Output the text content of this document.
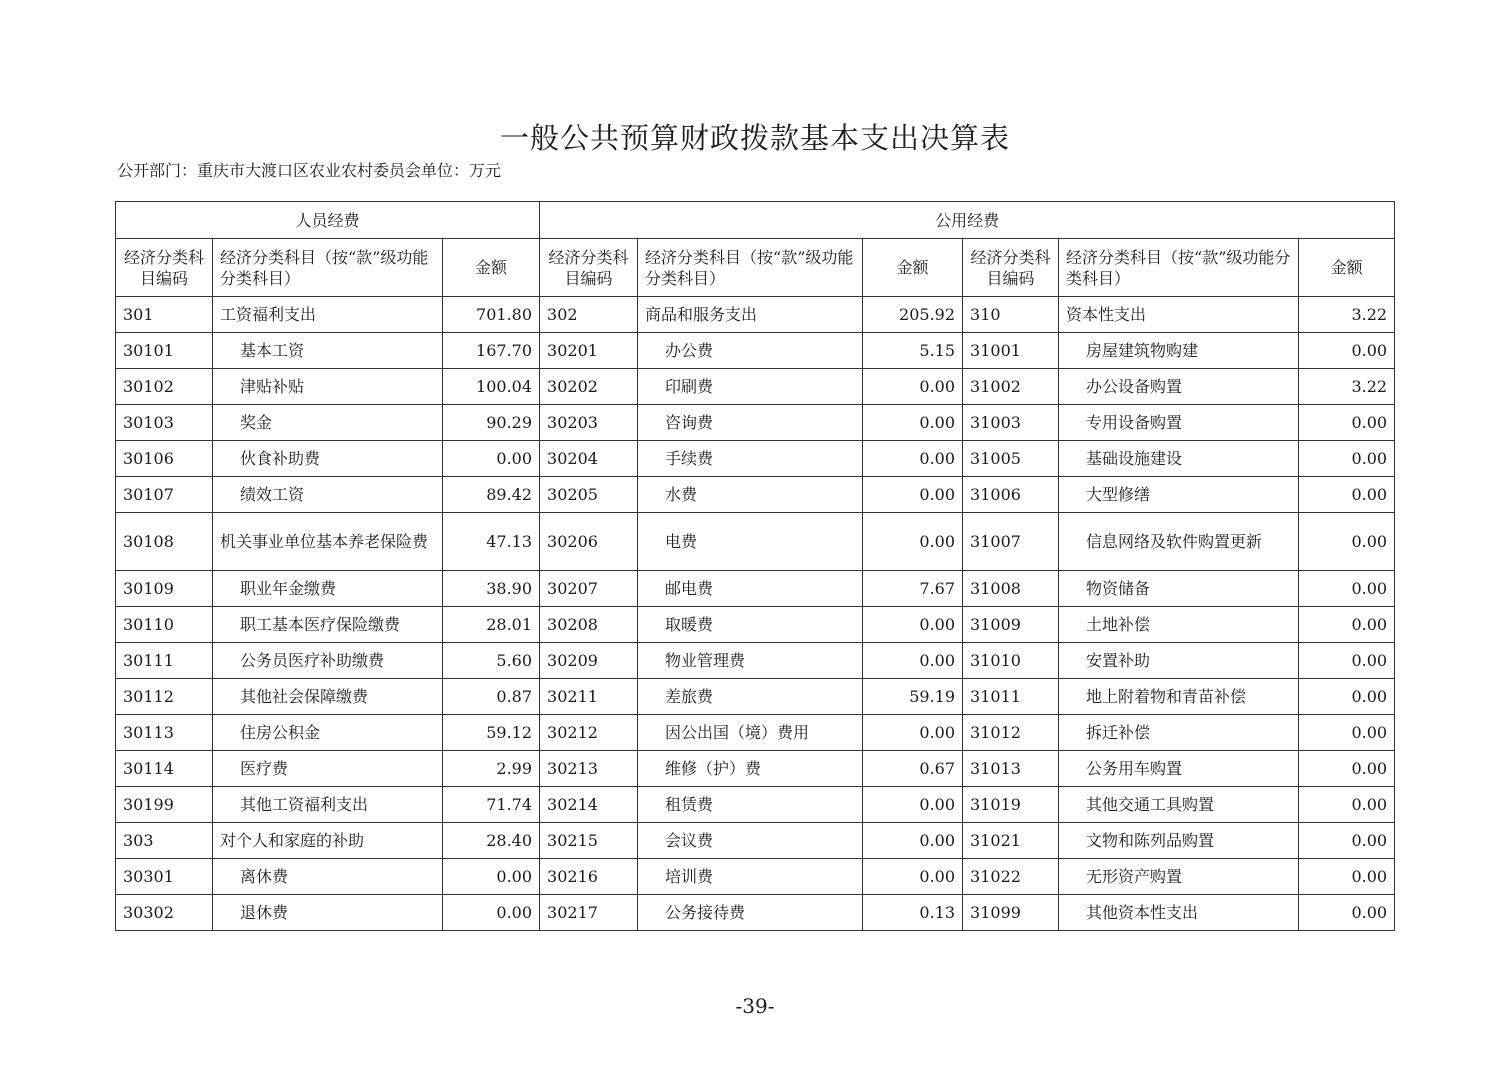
一般公共预算财政拨款基本支出决算表
公开部门：重庆市大渡口区农业农村委员会单位：万元
人员经费			公用经费					
经济分类科目编码	经济分类科目（按“款”级功能分类科目）	金额	经济分类科目编码	经济分类科目（按“款”级功能分类科目）	金额	经济分类科目编码	经济分类科目（按“款”级功能分类科目）	金额
301	工资福利支出	701.80	302	商品和服务支出	205.92	310	资本性支出	3.22
30101	基本工资	167.70	30201	办公费	5.15	31001	房屋建筑物购建	0.00
30102	津贴补贴	100.04	30202	印刷费	0.00	31002	办公设备购置	3.22
30103	奖金	90.29	30203	咨询费	0.00	31003	专用设备购置	0.00
30106	伙食补助费	0.00	30204	手续费	0.00	31005	基础设施建设	0.00
30107	绩效工资	89.42	30205	水费	0.00	31006	大型修缮	0.00
30108	机关事业单位基本养老保险费	47.13	30206	电费	0.00	31007	信息网络及软件购置更新	0.00
30109	职业年金缴费	38.90	30207	邮电费	7.67	31008	物资储备	0.00
30110	职工基本医疗保险缴费	28.01	30208	取暖费	0.00	31009	土地补偿	0.00
30111	公务员医疗补助缴费	5.60	30209	物业管理费	0.00	31010	安置补助	0.00
30112	其他社会保障缴费	0.87	30211	差旅费	59.19	31011	地上附着物和青苗补偿	0.00
30113	住房公积金	59.12	30212	因公出国（境）费用	0.00	31012	拆迁补偿	0.00
30114	医疗费	2.99	30213	维修（护）费	0.67	31013	公务用车购置	0.00
30199	其他工资福利支出	71.74	30214	租赁费	0.00	31019	其他交通工具购置	0.00
303	对个人和家庭的补助	28.40	30215	会议费	0.00	31021	文物和陈列品购置	0.00
30301	离休费	0.00	30216	培训费	0.00	31022	无形资产购置	0.00
30302	退休费	0.00	30217	公务接待费	0.13	31099	其他资本性支出	0.00
-39-
